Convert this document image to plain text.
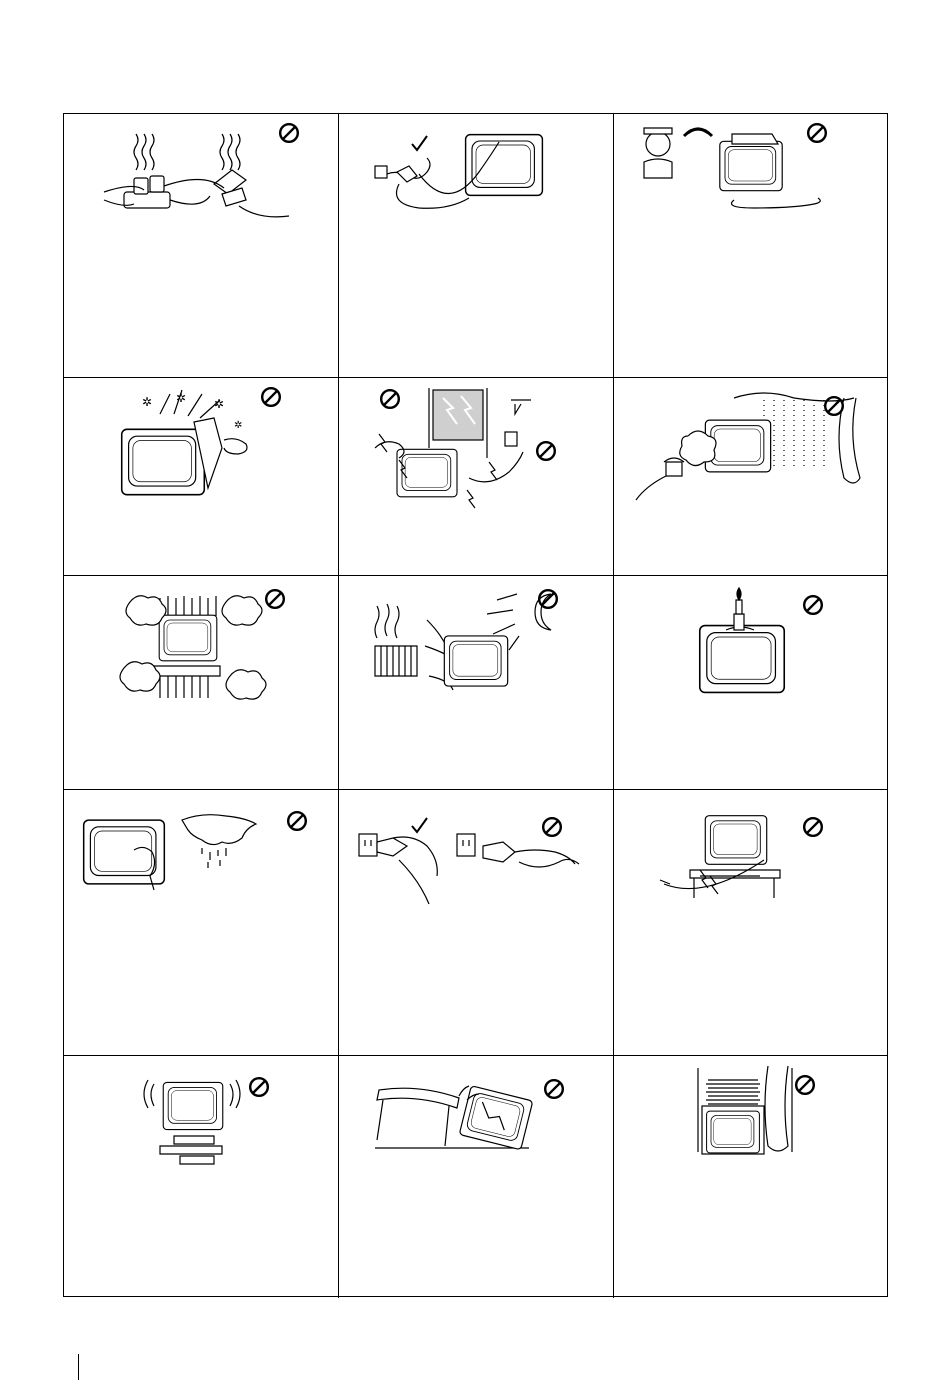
✲ ✲ ✲
✲
